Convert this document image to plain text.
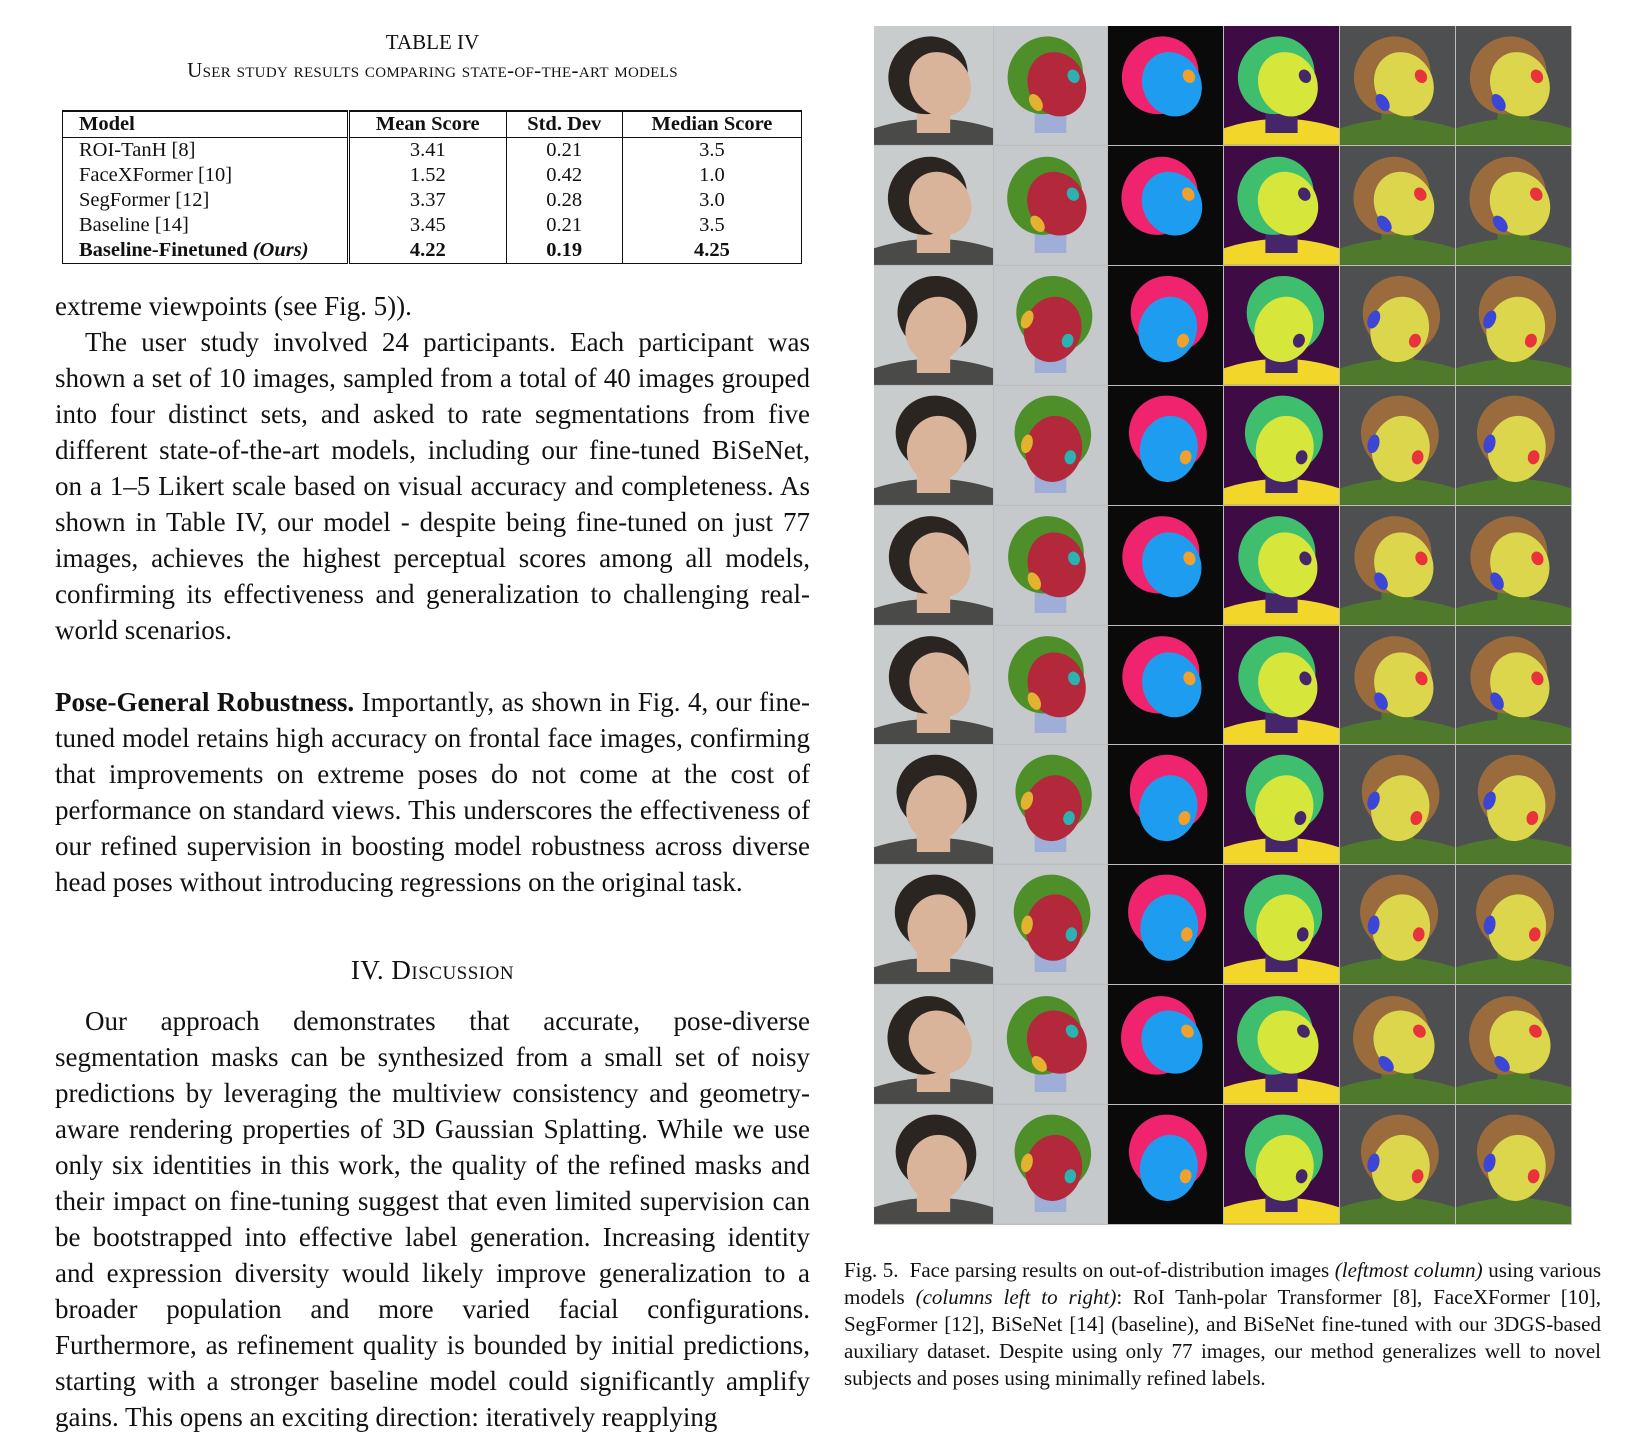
TABLE IV
User study results comparing state-of-the-art models
Model	Mean Score	Std. Dev	Median Score
ROI-TanH [8]	3.41	0.21	3.5
FaceXFormer [10]	1.52	0.42	1.0
SegFormer [12]	3.37	0.28	3.0
Baseline [14]	3.45	0.21	3.5
Baseline-Finetuned (Ours)	4.22	0.19	4.25

extreme viewpoints (see Fig. 5)).

The user study involved 24 participants. Each participant was shown a set of 10 images, sampled from a total of 40 images grouped into four distinct sets, and asked to rate segmentations from five different state-of-the-art models, including our fine-tuned BiSeNet, on a 1–5 Likert scale based on visual accuracy and completeness. As shown in Table IV, our model - despite being fine-tuned on just 77 images, achieves the highest perceptual scores among all models, confirming its effectiveness and generalization to challenging real-world scenarios.

Pose-General Robustness. Importantly, as shown in Fig. 4, our fine-tuned model retains high accuracy on frontal face images, confirming that improvements on extreme poses do not come at the cost of performance on standard views. This underscores the effectiveness of our refined supervision in boosting model robustness across diverse head poses without introducing regressions on the original task.

IV. Discussion

Our approach demonstrates that accurate, pose-diverse segmentation masks can be synthesized from a small set of noisy predictions by leveraging the multiview consistency and geometry-aware rendering properties of 3D Gaussian Splatting. While we use only six identities in this work, the quality of the refined masks and their impact on fine-tuning suggest that even limited supervision can be bootstrapped into effective label generation. Increasing identity and expression diversity would likely improve generalization to a broader population and more varied facial configurations. Furthermore, as refinement quality is bounded by initial predictions, starting with a stronger baseline model could significantly amplify gains. This opens an exciting direction: iteratively reapplying

Fig. 5. Face parsing results on out-of-distribution images (leftmost column) using various models (columns left to right): RoI Tanh-polar Transformer [8], FaceXFormer [10], SegFormer [12], BiSeNet [14] (baseline), and BiSeNet fine-tuned with our 3DGS-based auxiliary dataset. Despite using only 77 images, our method generalizes well to novel subjects and poses using minimally refined labels.
